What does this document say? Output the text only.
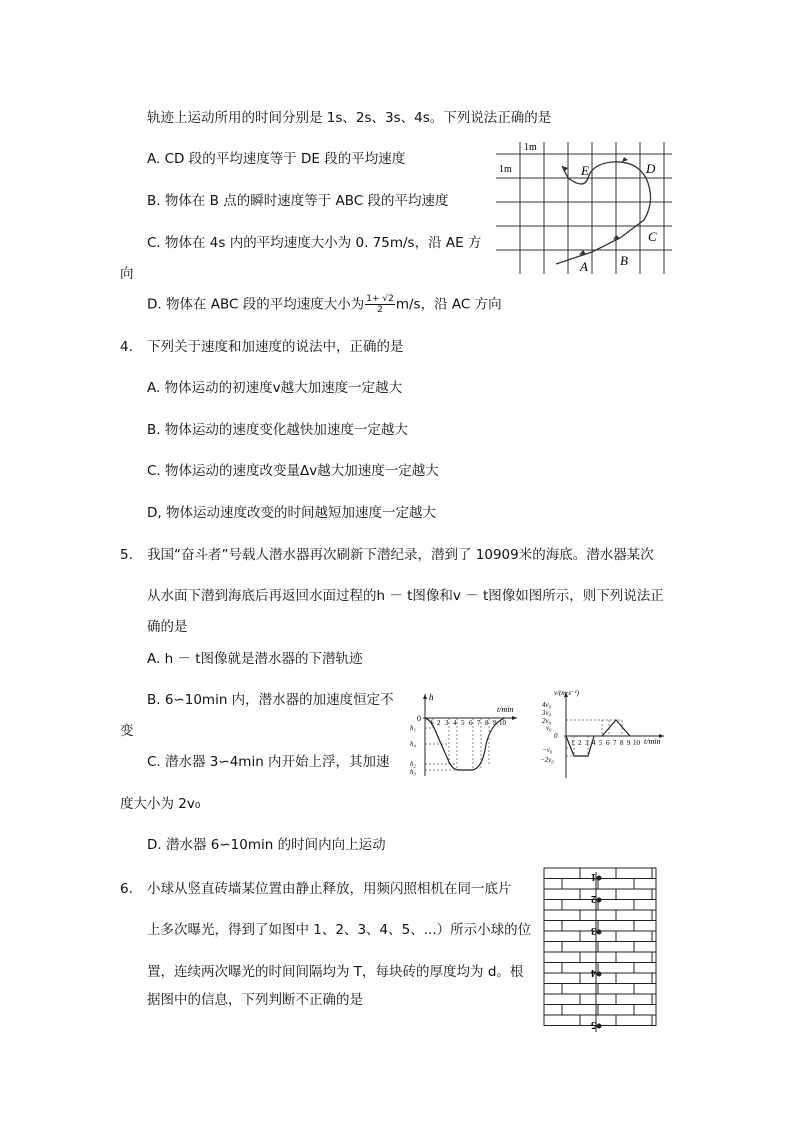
轨迹上运动所用的时间分别是 1s、2s、3s、4s。下列说法正确的是
A. CD 段的平均速度等于 DE 段的平均速度
B. 物体在 B 点的瞬时速度等于 ABC 段的平均速度
C. 物体在 4s 内的平均速度大小为 0. 75m/s，沿 AE 方
向
D. 物体在 ABC 段的平均速度大小为 $\frac{1+ √2}{2} m/s$，沿 AC 方向
1m
1m
A B
C
D
E
4. 下列关于速度和加速度的说法中，正确的是
A. 物体运动的初速度v越大加速度一定越大
B. 物体运动的速度变化越快加速度一定越大
C. 物体运动的速度改变量Δv越大加速度一定越大
D, 物体运动速度改变的时间越短加速度一定越大
5. 我国“奋斗者”号载人潜水器再次刷新下潜纪录，潜到了 10909米的海底。潜水器某次
从水面下潜到海底后再返回水面过程的h － t图像和v － t图像如图所示，则下列说法正
确的是
A. h － t图像就是潜水器的下潜轨迹
B. 6∽10min 内，潜水器的加速度恒定不
变
C. 潜水器 3∽4min 内开始上浮，其加速
度大小为 2v₀
D. 潜水器 6∽10min 的时间内向上运动
h
t/min
0 1 2 3 4 5 6 7 8 9 10
h₁
h₄
h₂
h₃
v/(m·s⁻¹)
t/min
4v₀
3v₀
2v₀
v₀
0
−v₀
−2v₀
1 2 3 4 5 6 7 8 9 10
6. 小球从竖直砖墙某位置由静止释放，用频闪照相机在同一底片
上多次曝光，得到了如图中 1、2、3、4、5、...）所示小球的位
置，连续两次曝光的时间间隔均为 T，每块砖的厚度均为 d。根
据图中的信息，下列判断不正确的是
1
2
3
4
5
